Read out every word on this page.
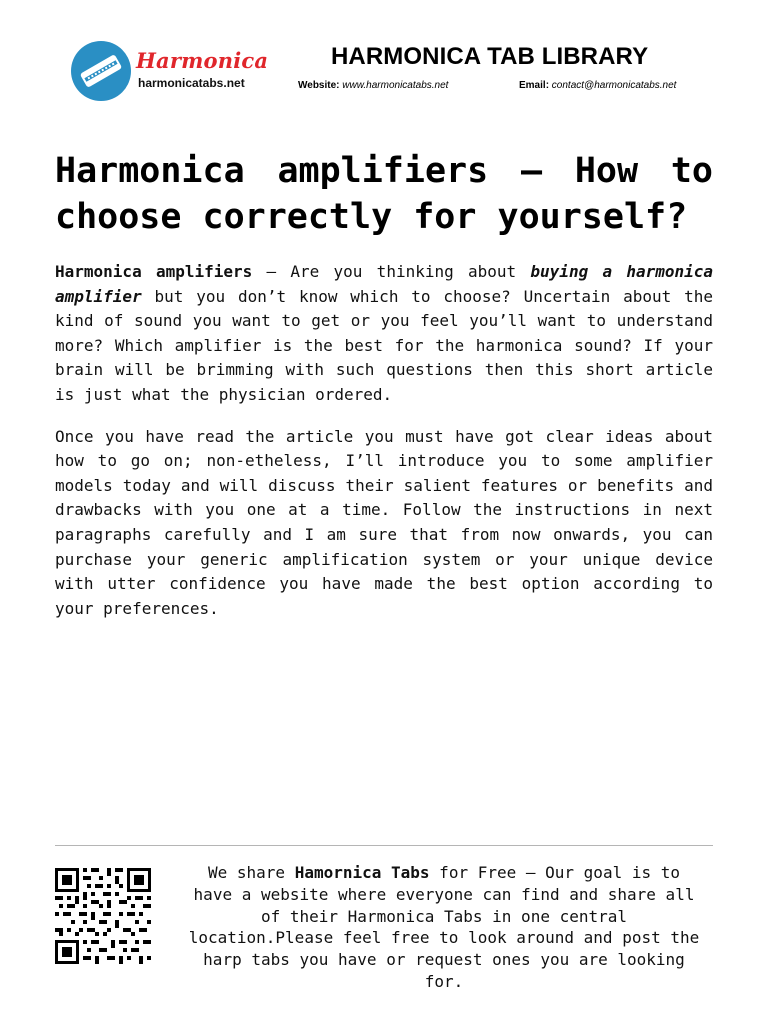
Harmonica
harmonicatabs.net
HARMONICA TAB LIBRARY
Website: www.harmonicatabs.net	Email: contact@harmonicatabs.net
Harmonica amplifiers – How to choose correctly for yourself?

Harmonica amplifiers – Are you thinking about buying a harmonica amplifier but you don’t know which to choose? Uncertain about the kind of sound you want to get or you feel you’ll want to understand more? Which amplifier is the best for the harmonica sound? If your brain will be brimming with such questions then this short article is just what the physician ordered.

Once you have read the article you must have got clear ideas about how to go on; non-etheless, I’ll introduce you to some amplifier models today and will discuss their salient features or benefits and drawbacks with you one at a time. Follow the instructions in next paragraphs carefully and I am sure that from now onwards, you can purchase your generic amplification system or your unique device with utter confidence you have made the best option according to your preferences.

We share Hamornica Tabs for Free – Our goal is to have a website where everyone can find and share all of their Harmonica Tabs in one central location.Please feel free to look around and post the harp tabs you have or request ones you are looking for.
